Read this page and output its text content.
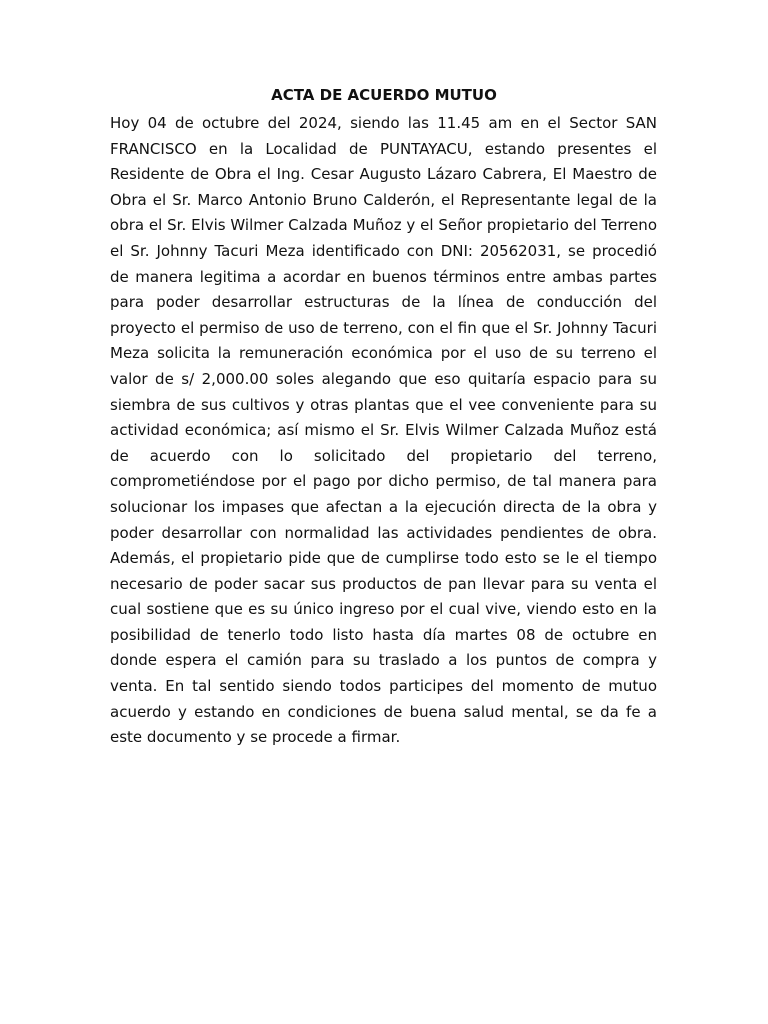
ACTA DE ACUERDO MUTUO

Hoy 04 de octubre del 2024, siendo las 11.45 am en el Sector SAN FRANCISCO en la Localidad de PUNTAYACU, estando presentes el Residente de Obra el Ing. Cesar Augusto Lázaro Cabrera, El Maestro de Obra el Sr. Marco Antonio Bruno Calderón, el Representante legal de la obra el Sr. Elvis Wilmer Calzada Muñoz y el Señor propietario del Terreno el Sr. Johnny Tacuri Meza identificado con DNI: 20562031, se procedió de manera legitima a acordar en buenos términos entre ambas partes para poder desarrollar estructuras de la línea de conducción del proyecto el permiso de uso de terreno, con el fin que el Sr. Johnny Tacuri Meza solicita la remuneración económica por el uso de su terreno el valor de s/ 2,000.00 soles alegando que eso quitaría espacio para su siembra de sus cultivos y otras plantas que el vee conveniente para su actividad económica; así mismo el Sr. Elvis Wilmer Calzada Muñoz está de acuerdo con lo solicitado del propietario del terreno, comprometiéndose por el pago por dicho permiso, de tal manera para solucionar los impases que afectan a la ejecución directa de la obra y poder desarrollar con normalidad las actividades pendientes de obra. Además, el propietario pide que de cumplirse todo esto se le el tiempo necesario de poder sacar sus productos de pan llevar para su venta el cual sostiene que es su único ingreso por el cual vive, viendo esto en la posibilidad de tenerlo todo listo hasta día martes 08 de octubre en donde espera el camión para su traslado a los puntos de compra y venta. En tal sentido siendo todos participes del momento de mutuo acuerdo y estando en condiciones de buena salud mental, se da fe a este documento y se procede a firmar.
